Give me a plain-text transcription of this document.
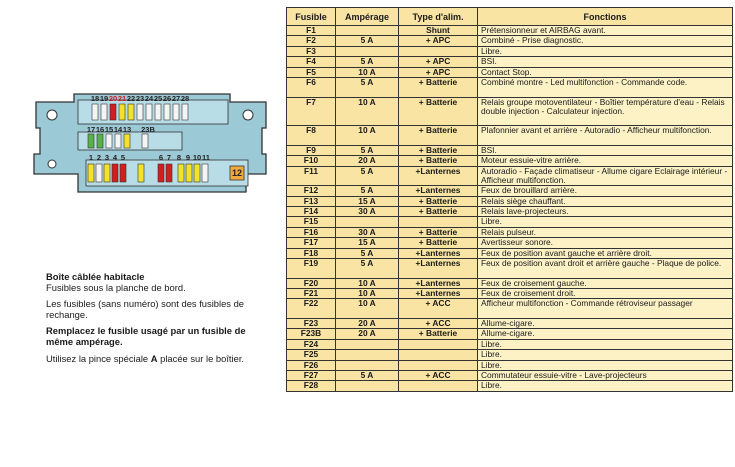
18 19 20 21 22 23 24 25 26 27 28
17 16 15 14 13 23B
1 2 3 4 5	6 7 8 9 10 11
12

Boîte câblée habitacle
Fusibles sous la planche de bord.

Les fusibles (sans numéro) sont des fusibles de rechange.

Remplacez le fusible usagé par un fusible de même ampérage.

Utilisez la pince spéciale A placée sur le boîtier.

Fusible	Ampérage	Type d'alim.	Fonctions
F1		Shunt	Prétensionneur et AIRBAG avant.
F2	5 A	+ APC	Combiné - Prise diagnostic.
F3			Libre.
F4	5 A	+ APC	BSI.
F5	10 A	+ APC	Contact Stop.
F6	5 A	+ Batterie	Combiné montre - Led multifonction - Commande code.
F7	10 A	+ Batterie	Relais groupe motoventilateur - Boîtier température d'eau - Relais double injection - Calculateur injection.
F8	10 A	+ Batterie	Plafonnier avant et arrière - Autoradio - Afficheur multifonction.
F9	5 A	+ Batterie	BSI.
F10	20 A	+ Batterie	Moteur essuie-vitre arrière.
F11	5 A	+Lanternes	Autoradio - Façade climatiseur - Allume cigare Eclairage intérieur - Afficheur multifonction.
F12	5 A	+Lanternes	Feux de brouillard arrière.
F13	15 A	+ Batterie	Relais siège chauffant.
F14	30 A	+ Batterie	Relais lave-projecteurs.
F15			Libre.
F16	30 A	+ Batterie	Relais pulseur.
F17	15 A	+ Batterie	Avertisseur sonore.
F18	5 A	+Lanternes	Feux de position avant gauche et arrière droit.
F19	5 A	+Lanternes	Feux de position avant droit et arrière gauche - Plaque de police.
F20	10 A	+Lanternes	Feux de croisement gauche.
F21	10 A	+Lanternes	Feux de croisement droit.
F22	10 A	+ ACC	Afficheur multifonction - Commande rétroviseur passager
F23	20 A	+ ACC	Allume-cigare.
F23B	20 A	+ Batterie	Allume-cigare.
F24			Libre.
F25			Libre.
F26			Libre.
F27	5 A	+ ACC	Commutateur essuie-vitre - Lave-projecteurs
F28			Libre.
